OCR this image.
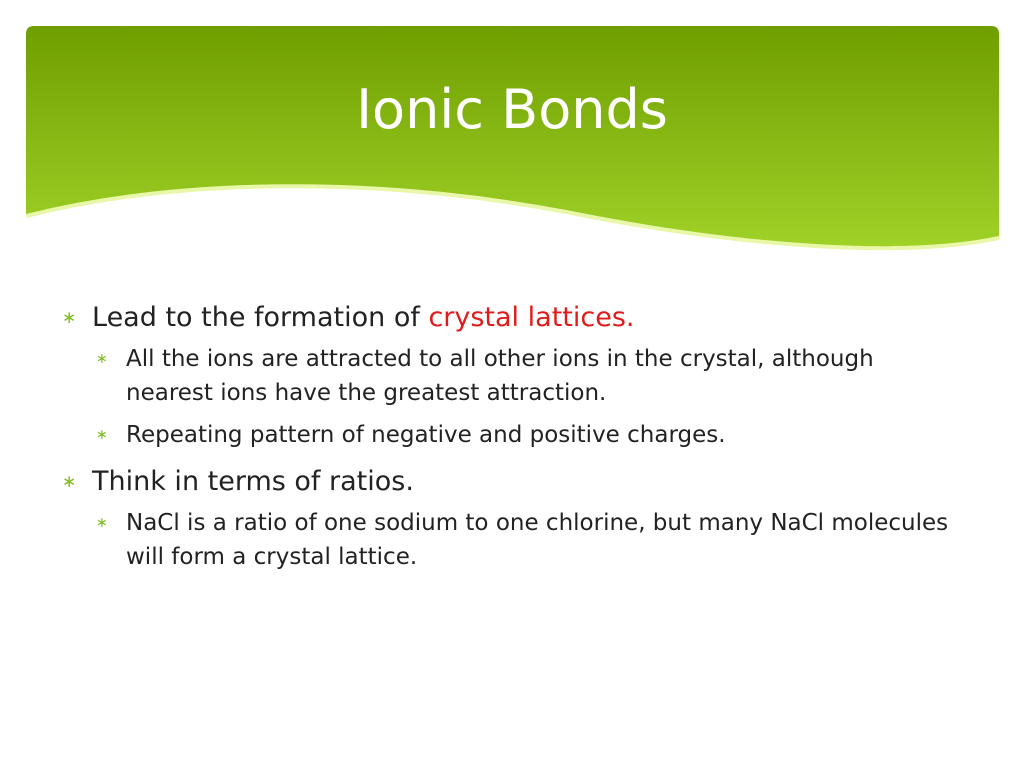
Ionic Bonds
∗ Lead to the formation of crystal lattices.
∗ All the ions are attracted to all other ions in the crystal, although nearest ions have the greatest attraction.
∗ Repeating pattern of negative and positive charges.
∗ Think in terms of ratios.
∗ NaCl is a ratio of one sodium to one chlorine, but many NaCl molecules will form a crystal lattice.
